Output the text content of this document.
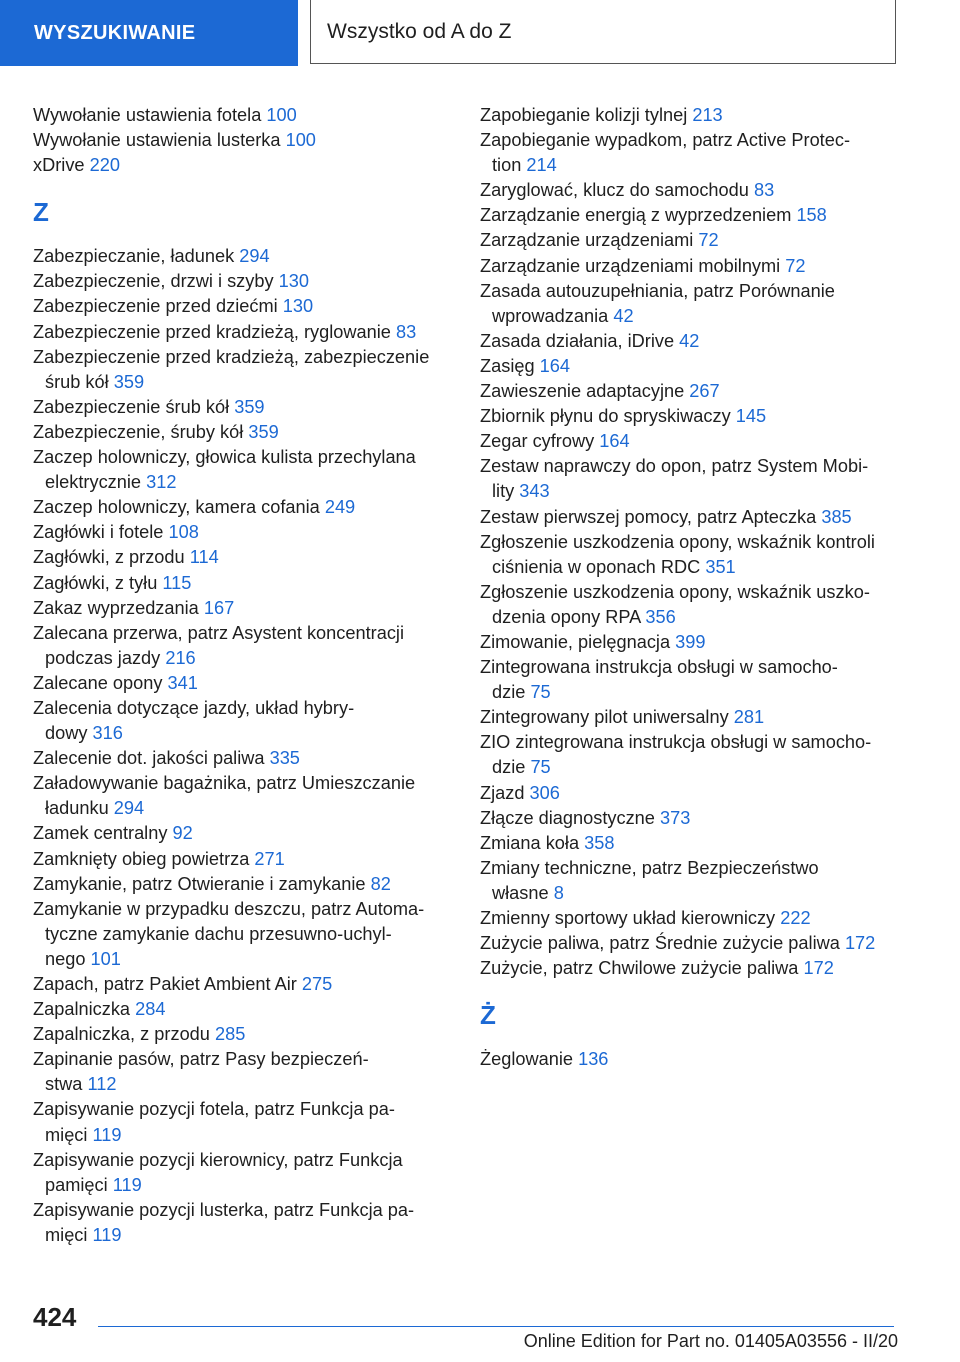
WYSZUKIWANIE	Wszystko od A do Z
Wywołanie ustawienia fotela 100
Wywołanie ustawienia lusterka 100
xDrive 220
Z
Zabezpieczanie, ładunek 294
Zabezpieczenie, drzwi i szyby 130
Zabezpieczenie przed dziećmi 130
Zabezpieczenie przed kradzieżą, ryglowanie 83
Zabezpieczenie przed kradzieżą, zabezpieczenie
śrub kół 359
Zabezpieczenie śrub kół 359
Zabezpieczenie, śruby kół 359
Zaczep holowniczy, głowica kulista przechylana
elektrycznie 312
Zaczep holowniczy, kamera cofania 249
Zagłówki i fotele 108
Zagłówki, z przodu 114
Zagłówki, z tyłu 115
Zakaz wyprzedzania 167
Zalecana przerwa, patrz Asystent koncentracji
podczas jazdy 216
Zalecane opony 341
Zalecenia dotyczące jazdy, układ hybry-
dowy 316
Zalecenie dot. jakości paliwa 335
Załadowywanie bagażnika, patrz Umieszczanie
ładunku 294
Zamek centralny 92
Zamknięty obieg powietrza 271
Zamykanie, patrz Otwieranie i zamykanie 82
Zamykanie w przypadku deszczu, patrz Automa-
tyczne zamykanie dachu przesuwno-uchyl-
nego 101
Zapach, patrz Pakiet Ambient Air 275
Zapalniczka 284
Zapalniczka, z przodu 285
Zapinanie pasów, patrz Pasy bezpieczeń-
stwa 112
Zapisywanie pozycji fotela, patrz Funkcja pa-
mięci 119
Zapisywanie pozycji kierownicy, patrz Funkcja
pamięci 119
Zapisywanie pozycji lusterka, patrz Funkcja pa-
mięci 119
Zapobieganie kolizji tylnej 213
Zapobieganie wypadkom, patrz Active Protec-
tion 214
Zaryglować, klucz do samochodu 83
Zarządzanie energią z wyprzedzeniem 158
Zarządzanie urządzeniami 72
Zarządzanie urządzeniami mobilnymi 72
Zasada autouzupełniania, patrz Porównanie
wprowadzania 42
Zasada działania, iDrive 42
Zasięg 164
Zawieszenie adaptacyjne 267
Zbiornik płynu do spryskiwaczy 145
Zegar cyfrowy 164
Zestaw naprawczy do opon, patrz System Mobi-
lity 343
Zestaw pierwszej pomocy, patrz Apteczka 385
Zgłoszenie uszkodzenia opony, wskaźnik kontroli
ciśnienia w oponach RDC 351
Zgłoszenie uszkodzenia opony, wskaźnik uszko-
dzenia opony RPA 356
Zimowanie, pielęgnacja 399
Zintegrowana instrukcja obsługi w samocho-
dzie 75
Zintegrowany pilot uniwersalny 281
ZIO zintegrowana instrukcja obsługi w samocho-
dzie 75
Zjazd 306
Złącze diagnostyczne 373
Zmiana koła 358
Zmiany techniczne, patrz Bezpieczeństwo
własne 8
Zmienny sportowy układ kierowniczy 222
Zużycie paliwa, patrz Średnie zużycie paliwa 172
Zużycie, patrz Chwilowe zużycie paliwa 172
Ż
Żeglowanie 136
424
Online Edition for Part no. 01405A03556 - II/20
